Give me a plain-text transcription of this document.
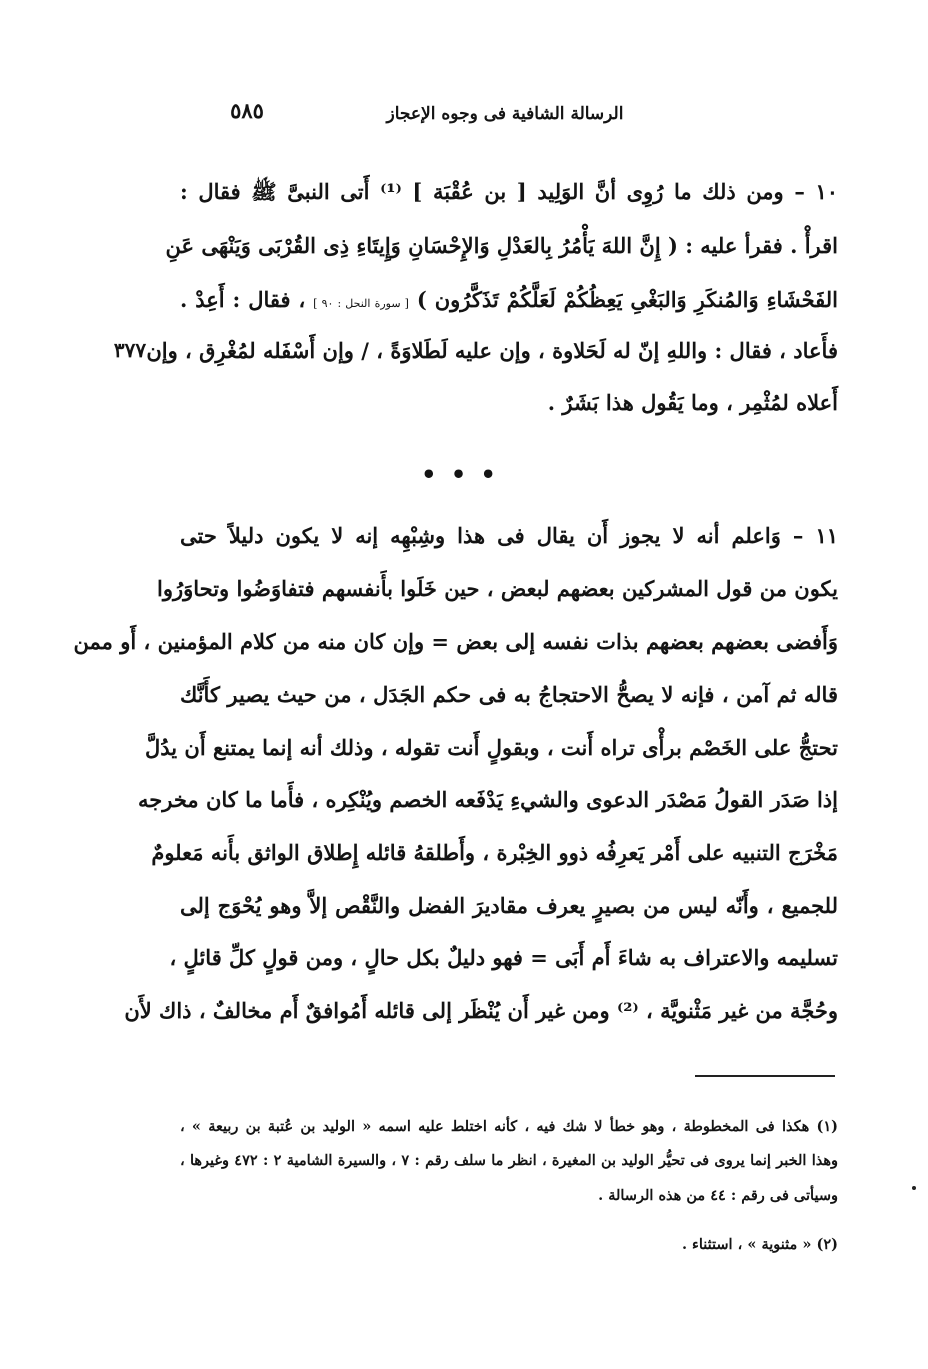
الرسالة الشافية فى وجوه الإعجاز
٥٨٥
١٠ – ومن ذلك ما رُوِى أنَّ الوَلِيد [ بن عُقْبَة ] ⁽¹⁾ أَتى النبىَّ ﷺ فقال :
اقرأْ . فقرأ عليه : ( إِنَّ اللهَ يَأْمُرُ بِالعَدْلِ وَالإِحْسَانِ وَإِيتَاءِ ذِى القُرْبَى وَيَنْهَى عَنِ
الفَحْشَاءِ وَالمُنكَرِ وَالبَغْىِ يَعِظُكُمْ لَعَلَّكُمْ تَذَكَّرُون ) [ سورة النحل : ٩٠ ] ، فقال : أَعِدْ .
فأَعاد ، فقال : واللهِ إنّ له لَحَلاوة ، وإن عليه لَطَلاوَةً ، / وإن أَسْفَله لمُغْرِق ، وإن
أَعلاه لمُثْمِر ، وما يَقُول هذا بَشَرٌ .
٣٧٧
• • •
١١ – وَاعلم أنه لا يجوز أَن يقال فى هذا وشِبْهِه إنه لا يكون دليلاً حتى
يكون من قول المشركين بعضهم لبعض ، حين خَلَوا بأَنفسهم فتفاوَضُوا وتحاوَرُوا
وَأَفضى بعضهم بعضهم بذات نفسه إلى بعض = وإن كان منه من كلام المؤمنين ، أَو ممن
قاله ثم آمن ، فإنه لا يصحُّ الاحتجاجُ به فى حكم الجَدَل ، من حيث يصير كأَنَّك
تحتجُّ على الخَصْم برأْى تراه أَنت ، وبقولٍ أَنت تقوله ، وذلك أنه إنما يمتنع أَن يدُلَّ
إذا صَدَر القولُ مَصْدَر الدعوى والشيءِ يَدْفَعه الخصم ويُنْكِره ، فأَما ما كان مخرجه
مَخْرَج التنبيه على أَمْر يَعرِفُه ذوو الخِبْرة ، وأَطلقهُ قائله إِطلاق الواثق بأَنه مَعلومٌ
للجميع ، وأَنّه ليس من بصيرٍ يعرف مقاديرَ الفضل والنَّقْص إلاَّ وهو يُحْوَج إلى
تسليمه والاعتراف به شاءَ أَم أَبَى = فهو دليلٌ بكل حالٍ ، ومن قولٍ كلِّ قائلٍ ،
وحُجَّة من غير مَثْنويَّة ، ⁽²⁾ ومن غير أَن يُنْظَر إلى قائله أَمُوافقٌ أَم مخالفٌ ، ذاك لأَن
(١) هكذا فى المخطوطة ، وهو خطأ لا شك فيه ، كأنه اختلط عليه اسمه « الوليد بن عُتبة بن ربيعة » ،
وهذا الخبر إنما يروى فى تحيُّر الوليد بن المغيرة ، انظر ما سلف رقم : ٧ ، والسيرة الشامية ٢ : ٤٧٢ وغيرها ،
وسيأتى فى رقم : ٤٤ من هذه الرسالة .
(٢) « مثنوية » ، استثناء .
